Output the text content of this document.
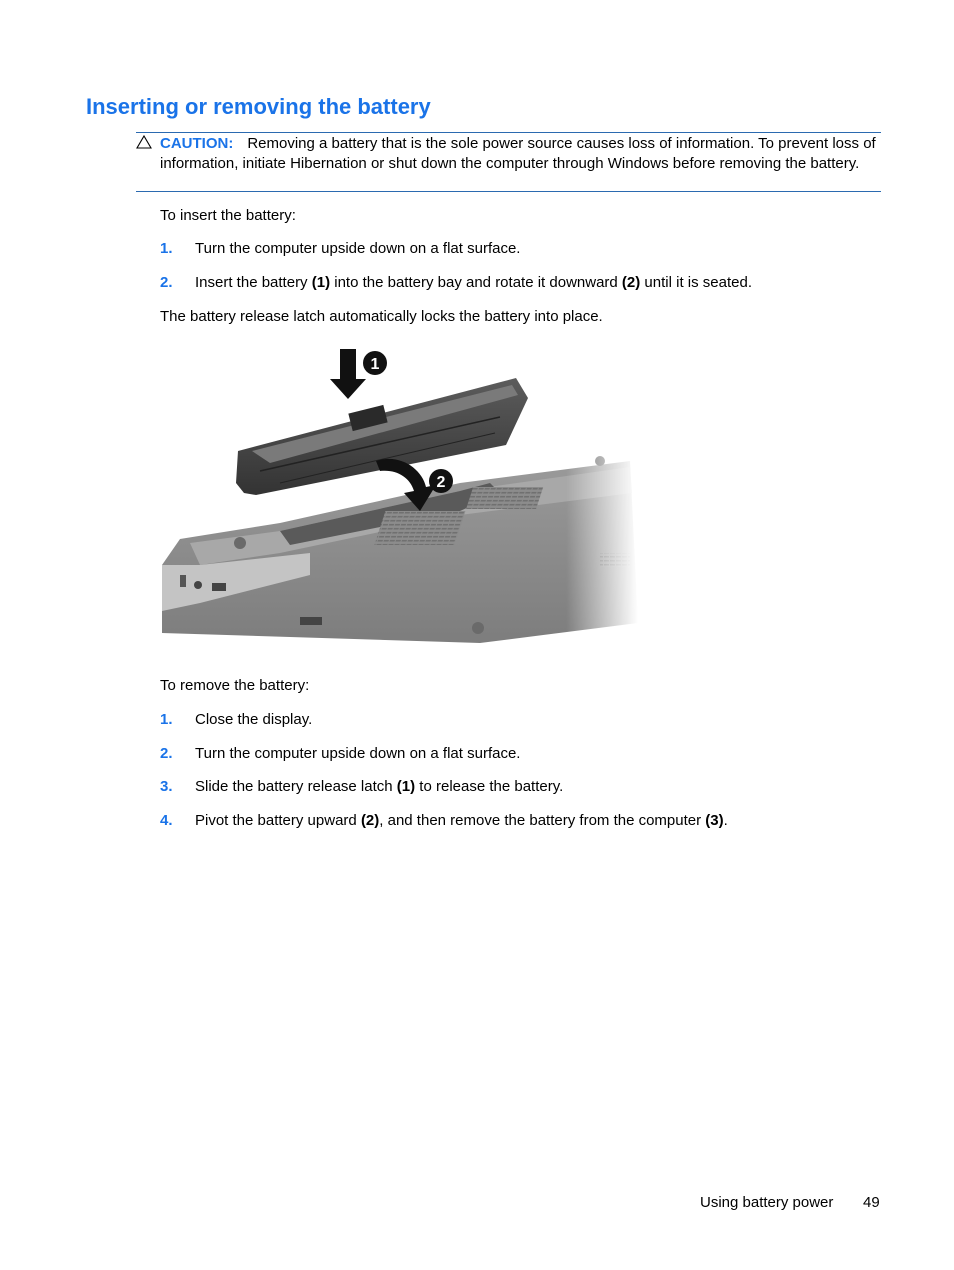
Inserting or removing the battery
CAUTION: Removing a battery that is the sole power source causes loss of information. To prevent loss of information, initiate Hibernation or shut down the computer through Windows before removing the battery.

To insert the battery:

1. Turn the computer upside down on a flat surface.
2. Insert the battery (1) into the battery bay and rotate it downward (2) until it is seated.

The battery release latch automatically locks the battery into place.

To remove the battery:

1. Close the display.
2. Turn the computer upside down on a flat surface.
3. Slide the battery release latch (1) to release the battery.
4. Pivot the battery upward (2), and then remove the battery from the computer (3).
Using battery power 49
